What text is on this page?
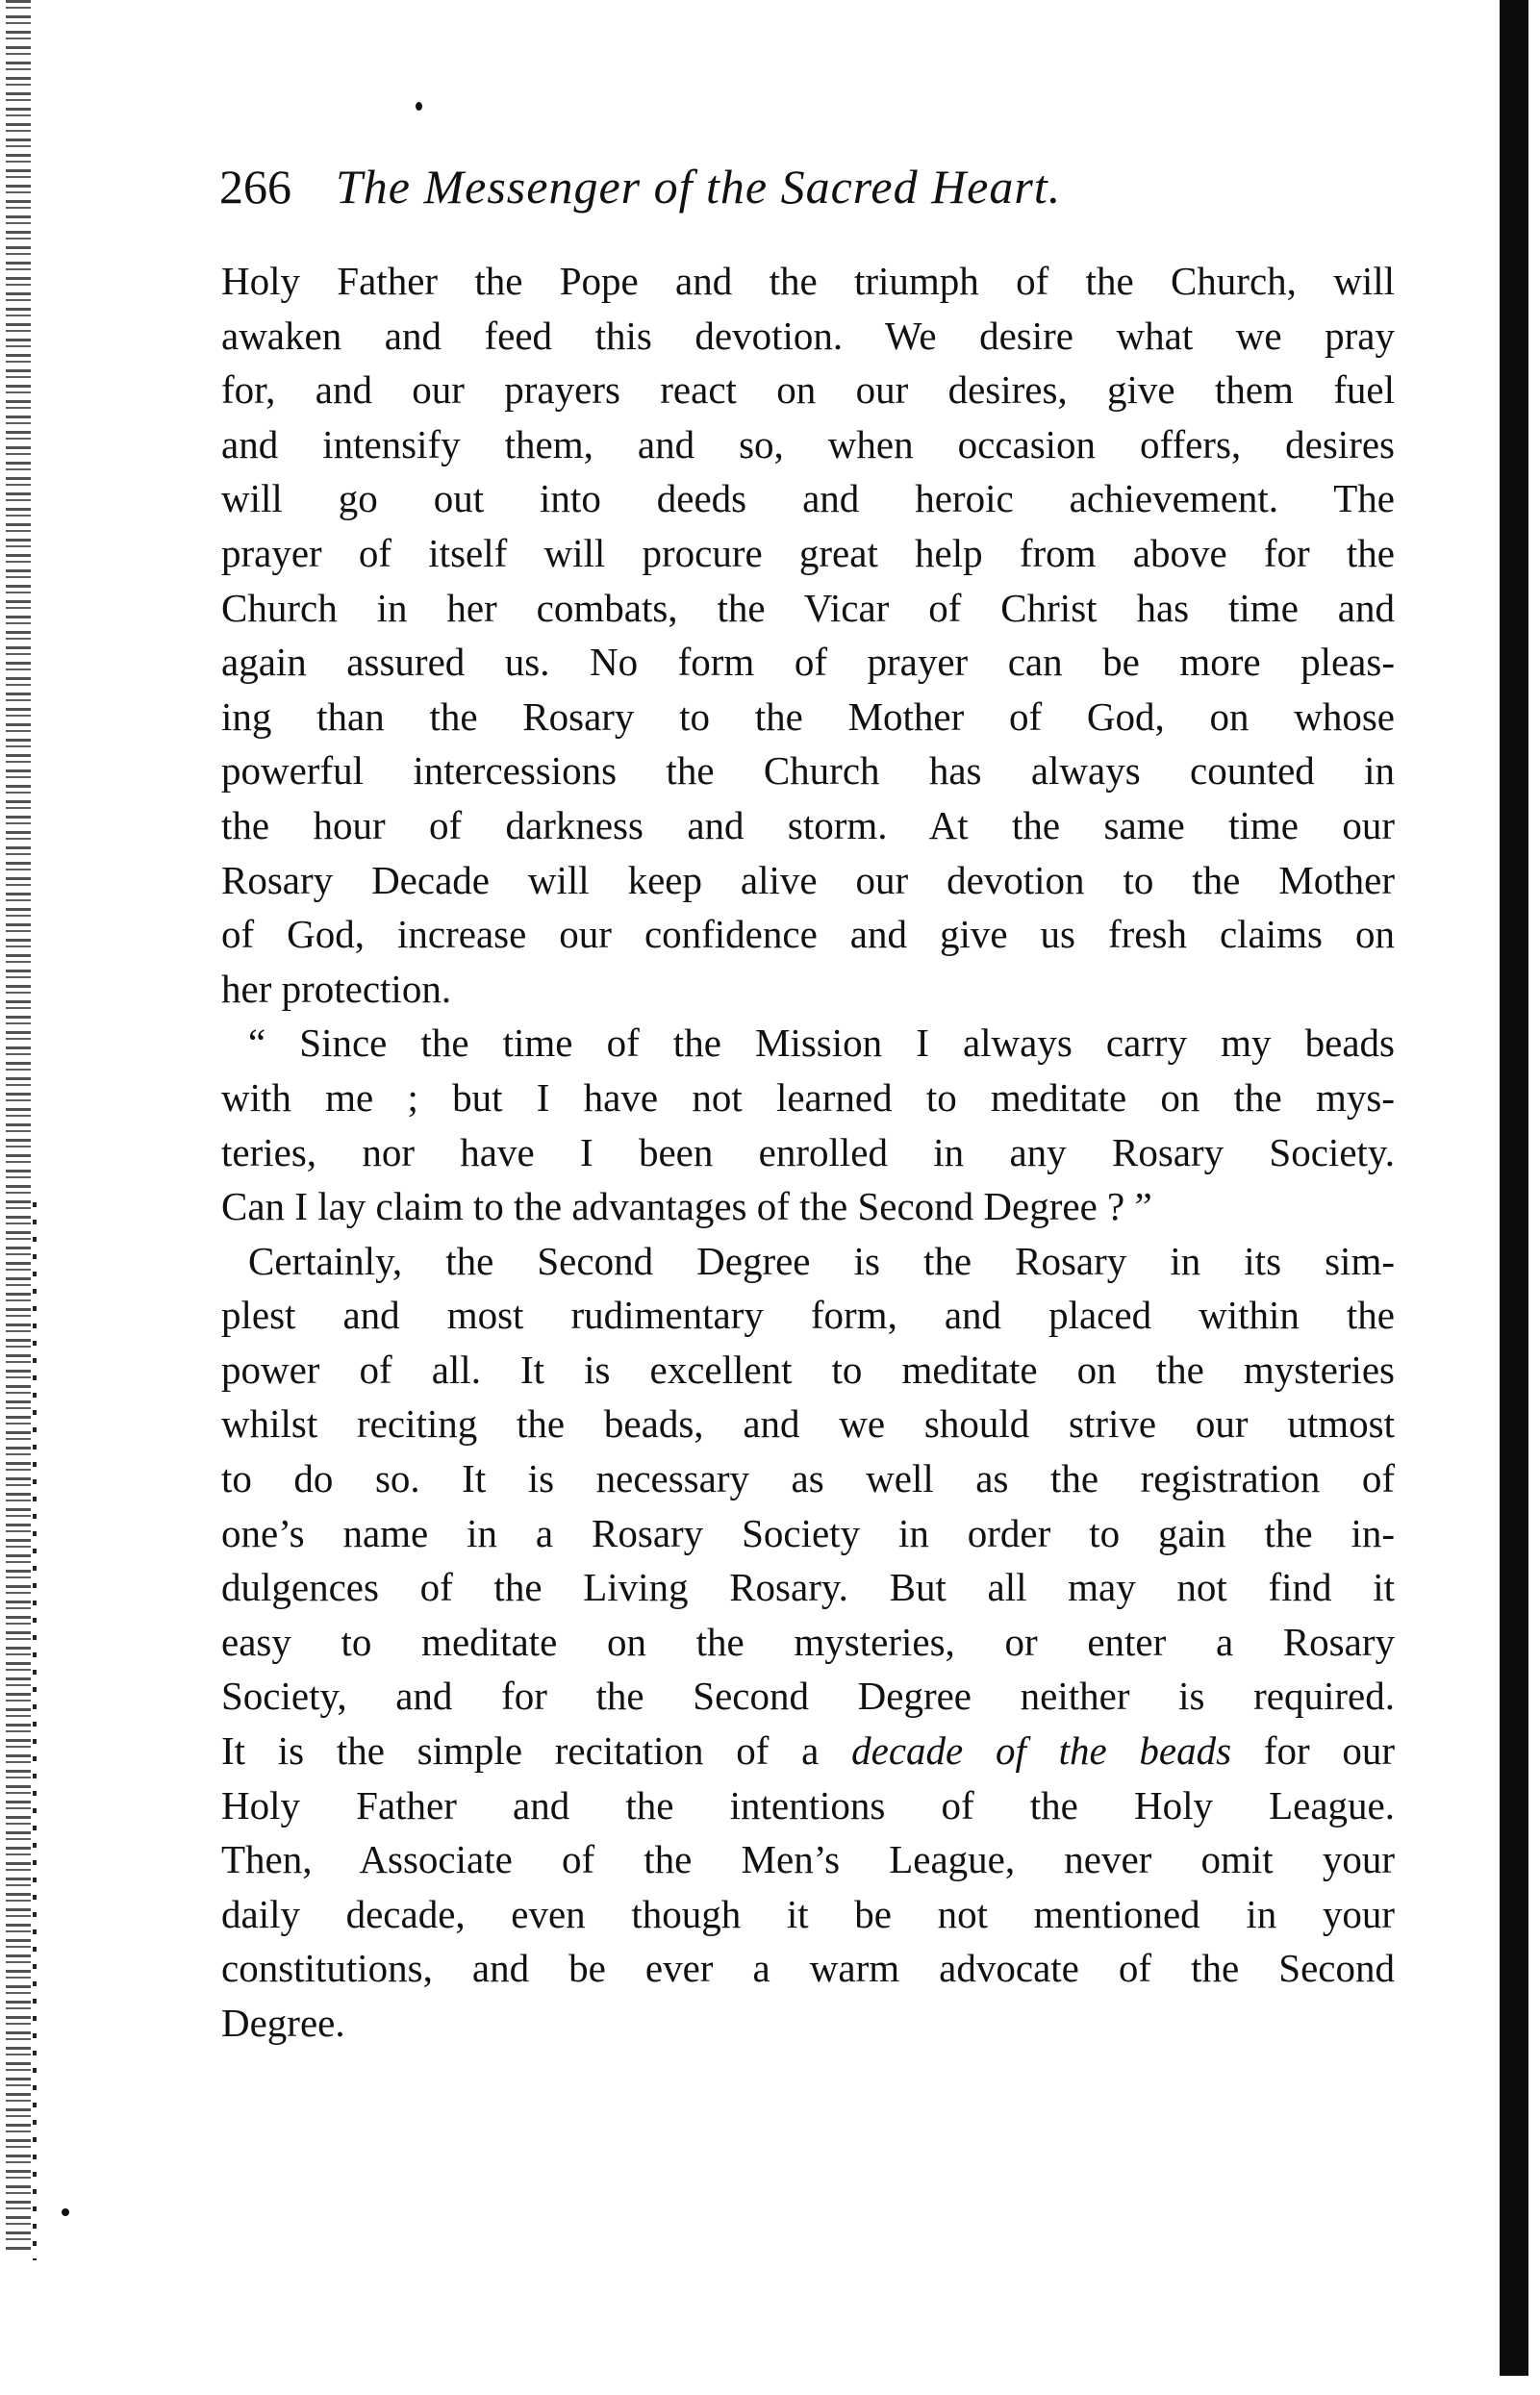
266 The Messenger of the Sacred Heart.
Holy Father the Pope and the triumph of the Church, will
awaken and feed this devotion. We desire what we pray
for, and our prayers react on our desires, give them fuel
and intensify them, and so, when occasion offers, desires
will go out into deeds and heroic achievement. The
prayer of itself will procure great help from above for the
Church in her combats, the Vicar of Christ has time and
again assured us. No form of prayer can be more pleas-
ing than the Rosary to the Mother of God, on whose
powerful intercessions the Church has always counted in
the hour of darkness and storm. At the same time our
Rosary Decade will keep alive our devotion to the Mother
of God, increase our confidence and give us fresh claims on
her protection.
“ Since the time of the Mission I always carry my beads
with me ; but I have not learned to meditate on the mys-
teries, nor have I been enrolled in any Rosary Society.
Can I lay claim to the advantages of the Second Degree ? ”
Certainly, the Second Degree is the Rosary in its sim-
plest and most rudimentary form, and placed within the
power of all. It is excellent to meditate on the mysteries
whilst reciting the beads, and we should strive our utmost
to do so. It is necessary as well as the registration of
one’s name in a Rosary Society in order to gain the in-
dulgences of the Living Rosary. But all may not find it
easy to meditate on the mysteries, or enter a Rosary
Society, and for the Second Degree neither is required.
It is the simple recitation of a decade of the beads for our
Holy Father and the intentions of the Holy League.
Then, Associate of the Men’s League, never omit your
daily decade, even though it be not mentioned in your
constitutions, and be ever a warm advocate of the Second
Degree.
